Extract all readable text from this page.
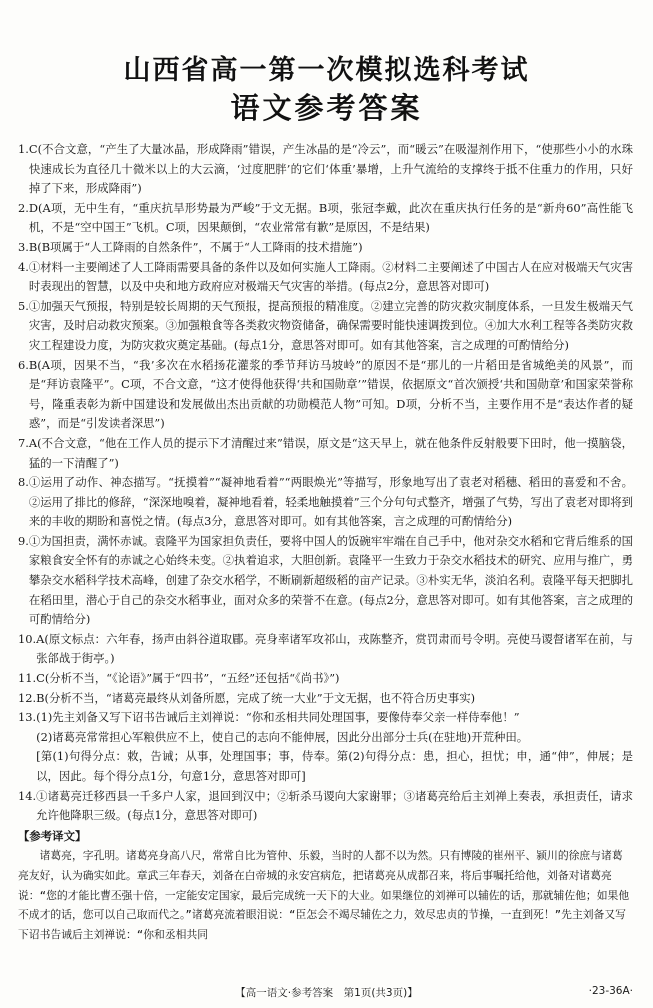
山西省高一第一次模拟选科考试
语文参考答案
1. C(不合文意，“产生了大量冰晶，形成降雨”错误，产生冰晶的是“冷云”，而“暖云”在吸湿剂作用下，“使那些小小的水珠快速成长为直径几十微米以上的大云滴，‘过度肥胖’的它们‘体重’暴增，上升气流给的支撑终于抵不住重力的作用，只好掉了下来，形成降雨”)
2. D(A项，无中生有，“重庆抗旱形势最为严峻”于文无据。B项，张冠李戴，此次在重庆执行任务的是“新舟60”高性能飞机，不是“空中国王”飞机。C项，因果颠倒，“农业常常有歉”是原因，不是结果)
3. B(B项属于“人工降雨的自然条件”，不属于“人工降雨的技术措施”)
4. ①材料一主要阐述了人工降雨需要具备的条件以及如何实施人工降雨。②材料二主要阐述了中国古人在应对极端天气灾害时表现出的智慧，以及中央和地方政府应对极端天气灾害的举措。(每点2分，意思答对即可)
5. ①加强天气预报，特别是较长周期的天气预报，提高预报的精准度。②建立完善的防灾救灾制度体系，一旦发生极端天气灾害，及时启动救灾预案。③加强粮食等各类救灾物资储备，确保需要时能快速调拨到位。④加大水利工程等各类防灾救灾工程建设力度，为防灾救灾奠定基础。(每点1分，意思答对即可。如有其他答案，言之成理的可酌情给分)
6. B(A项，因果不当，“我’多次在水稻扬花灌浆的季节拜访马坡岭”的原因不是“那儿的一片稻田是省城绝美的风景”，而是“拜访袁隆平”。C项，不合文意，“这才使得他获得‘共和国勋章’”错误，依据原文“首次颁授‘共和国勋章’和国家荣誉称号，隆重表彰为新中国建设和发展做出杰出贡献的功勋模范人物”可知。D项，分析不当，主要作用不是“表达作者的疑惑”，而是“引发读者深思”)
7. A(不合文意，“他在工作人员的提示下才清醒过来”错误，原文是“这天早上，就在他条件反射般要下田时，他一摸脑袋，猛的一下清醒了”)
8. ①运用了动作、神态描写。“抚摸着”“凝神地看着”“两眼焕光”等描写，形象地写出了袁老对稻穗、稻田的喜爱和不舍。②运用了排比的修辞，“深深地嗅着，凝神地看着，轻柔地触摸着”三个分句句式整齐，增强了气势，写出了袁老对即将到来的丰收的期盼和喜悦之情。(每点3分，意思答对即可。如有其他答案，言之成理的可酌情给分)
9. ①为国担责，满怀赤诚。袁隆平为国家担负责任，要将中国人的饭碗牢牢端在自己手中，他对杂交水稻和它背后维系的国家粮食安全怀有的赤诚之心始终未变。②执着追求，大胆创新。袁隆平一生致力于杂交水稻技术的研究、应用与推广，勇攀杂交水稻科学技术高峰，创建了杂交水稻学，不断刷新超级稻的亩产记录。③朴实无华，淡泊名利。袁隆平每天把脚扎在稻田里，潜心于自己的杂交水稻事业，面对众多的荣誉不在意。(每点2分，意思答对即可。如有其他答案，言之成理的可酌情给分)
10. A(原文标点：六年春，扬声由斜谷道取郿。亮身率诸军攻祁山，戎陈整齐，赏罚肃而号令明。亮使马谡督诸军在前，与张郃战于街亭。)
11. C(分析不当，“《论语》”属于“四书”，“五经”还包括“《尚书》”)
12. B(分析不当，“诸葛亮最终从刘备所愿，完成了统一大业”于文无据，也不符合历史事实)
13. (1)先主刘备又写下诏书告诫后主刘禅说：“你和丞相共同处理国事，要像侍奉父亲一样侍奉他！”
(2)诸葛亮常常担心军粮供应不上，使自己的志向不能伸展，因此分出部分士兵(在驻地)开荒种田。
[第(1)句得分点：敕，告诫；从事，处理国事；事，侍奉。第(2)句得分点：患，担心，担忧；申，通“伸”，伸展；是以，因此。每个得分点1分，句意1分，意思答对即可]
14. ①诸葛亮迁移西县一千多户人家，退回到汉中；②斩杀马谡向大家谢罪；③诸葛亮给后主刘禅上奏表，承担责任，请求允许他降职三级。(每点1分，意思答对即可)
【参考译文】

诸葛亮，字孔明。诸葛亮身高八尺，常常自比为管仲、乐毅，当时的人都不以为然。只有博陵的崔州平、颍川的徐庶与诸葛亮友好，认为确实如此。章武三年春天，刘备在白帝城的永安宫病危，把诸葛亮从成都召来，将后事嘱托给他，刘备对诸葛亮说：“您的才能比曹丕强十倍，一定能安定国家，最后完成统一天下的大业。如果继位的刘禅可以辅佐的话，那就辅佐他；如果他不成才的话，您可以自己取而代之。”诸葛亮流着眼泪说：“臣怎会不竭尽辅佐之力，效尽忠贞的节操，一直到死！”先主刘备又写下诏书告诫后主刘禅说：“你和丞相共同

【高一语文·参考答案　第1页(共3页)】	·23-36A·
